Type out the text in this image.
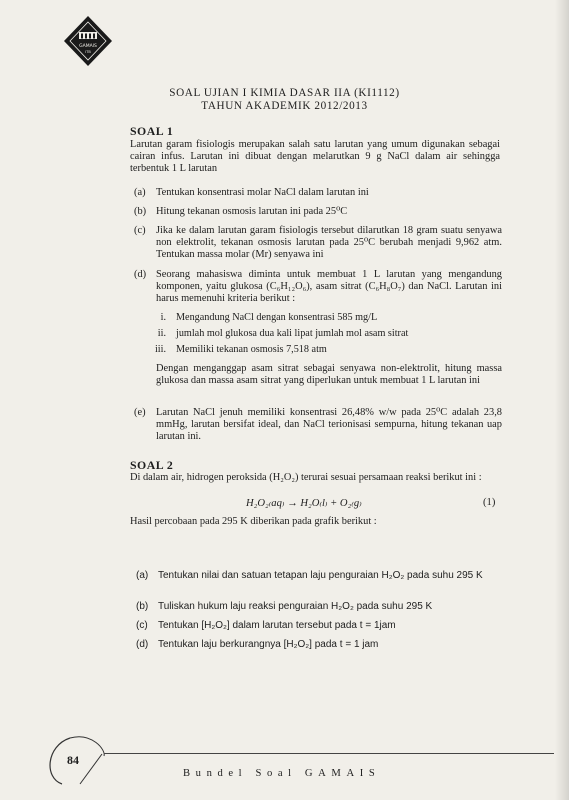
GAMAIS
ITB
SOAL UJIAN I KIMIA DASAR IIA (KI1112)
TAHUN AKADEMIK 2012/2013
SOAL 1
Larutan garam fisiologis merupakan salah satu larutan yang umum digunakan sebagai cairan infus. Larutan ini dibuat dengan melarutkan 9 g NaCl dalam air sehingga terbentuk 1 L larutan
(a) Tentukan konsentrasi molar NaCl dalam larutan ini
(b) Hitung tekanan osmosis larutan ini pada 25⁰C
(c) Jika ke dalam larutan garam fisiologis tersebut dilarutkan 18 gram suatu senyawa non elektrolit, tekanan osmosis larutan pada 25⁰C berubah menjadi 9,962 atm. Tentukan massa molar (Mr) senyawa ini
(d) Seorang mahasiswa diminta untuk membuat 1 L larutan yang mengandung komponen, yaitu glukosa (C₆H₁₂O₆), asam sitrat (C₆H₈O₇) dan NaCl. Larutan ini harus memenuhi kriteria berikut :
i. Mengandung NaCl dengan konsentrasi 585 mg/L
ii. jumlah mol glukosa dua kali lipat jumlah mol asam sitrat
iii. Memiliki tekanan osmosis 7,518 atm
Dengan menganggap asam sitrat sebagai senyawa non-elektrolit, hitung massa glukosa dan massa asam sitrat yang diperlukan untuk membuat 1 L larutan ini
(e) Larutan NaCl jenuh memiliki konsentrasi 26,48% w/w pada 25⁰C adalah 23,8 mmHg, larutan bersifat ideal, dan NaCl terionisasi sempurna, hitung tekanan uap larutan ini.
SOAL 2
Di dalam air, hidrogen peroksida (H₂O₂) terurai sesuai persamaan reaksi berikut ini :
H₂O₂₍aq₎ → H₂O₍l₎ + O₂₍g₎	(1)
Hasil percobaan pada 295 K diberikan pada grafik berikut :
(a) Tentukan nilai dan satuan tetapan laju penguraian H₂O₂ pada suhu 295 K
(b) Tuliskan hukum laju reaksi penguraian H₂O₂ pada suhu 295 K
(c) Tentukan [H₂O₂] dalam larutan tersebut pada t = 1jam
(d) Tentukan laju berkurangnya [H₂O₂] pada t = 1 jam
84
Bundel Soal GAMAIS
